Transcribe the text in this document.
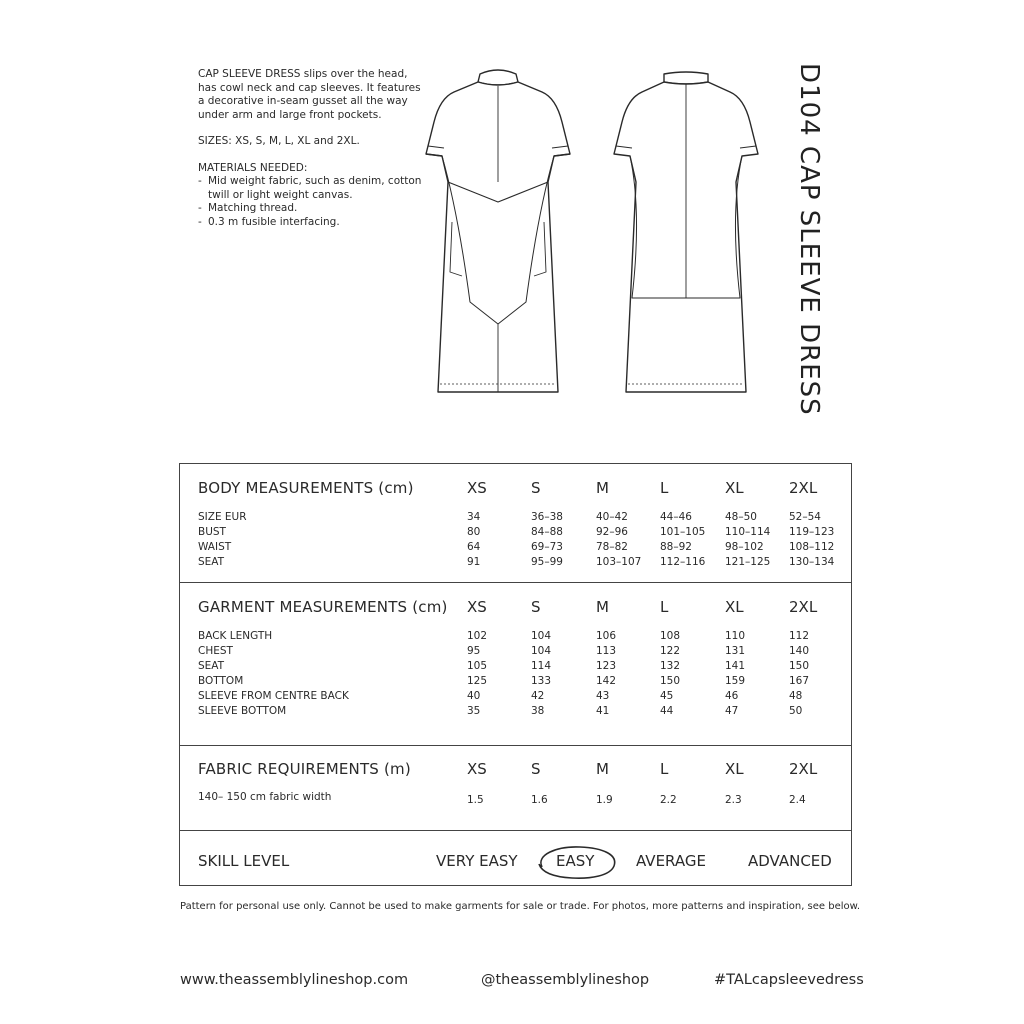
CAP SLEEVE DRESS slips over the head, has cowl neck and cap sleeves. It features a decorative in-seam gusset all the way under arm and large front pockets.

SIZES: XS, S, M, L, XL and 2XL.

MATERIALS NEEDED:

- Mid weight fabric, such as denim, cotton twill or light weight canvas.
- Matching thread.
- 0.3 m fusible interfacing.	D104 CAP SLEEVE DRESS
BODY MEASUREMENTS (cm)	XS	S	M	L	XL	2XL
SIZE EUR	34	36–38	40–42	44–46	48–50	52–54
BUST	80	84–88	92–96	101–105 110–114 119–123
WAIST	64	69–73	78–82	88–92	98–102 108–112
SEAT	91	95–99	103–107 112–116 121–125 130–134
GARMENT MEASUREMENTS (cm) XS	S	M	L	XL	2XL
BACK LENGTH	102	104	106	108	110	112
CHEST	95	104	113	122	131	140
SEAT	105	114	123	132	141	150
BOTTOM	125	133	142	150	159	167
SLEEVE FROM CENTRE BACK	40	42	43	45	46	48
SLEEVE BOTTOM	35	38	41	44	47	50
FABRIC REQUIREMENTS (m)	XS	S	M	L	XL	2XL
140– 150 cm fabric width	1.5	1.6	1.9	2.2	2.3	2.4
SKILL LEVEL	VERY EASY	EASY	AVERAGE	ADVANCED
Pattern for personal use only. Cannot be used to make garments for sale or trade. For photos, more patterns and inspiration, see below.
www.theassemblylineshop.com	@theassemblylineshop	#TALcapsleevedress
